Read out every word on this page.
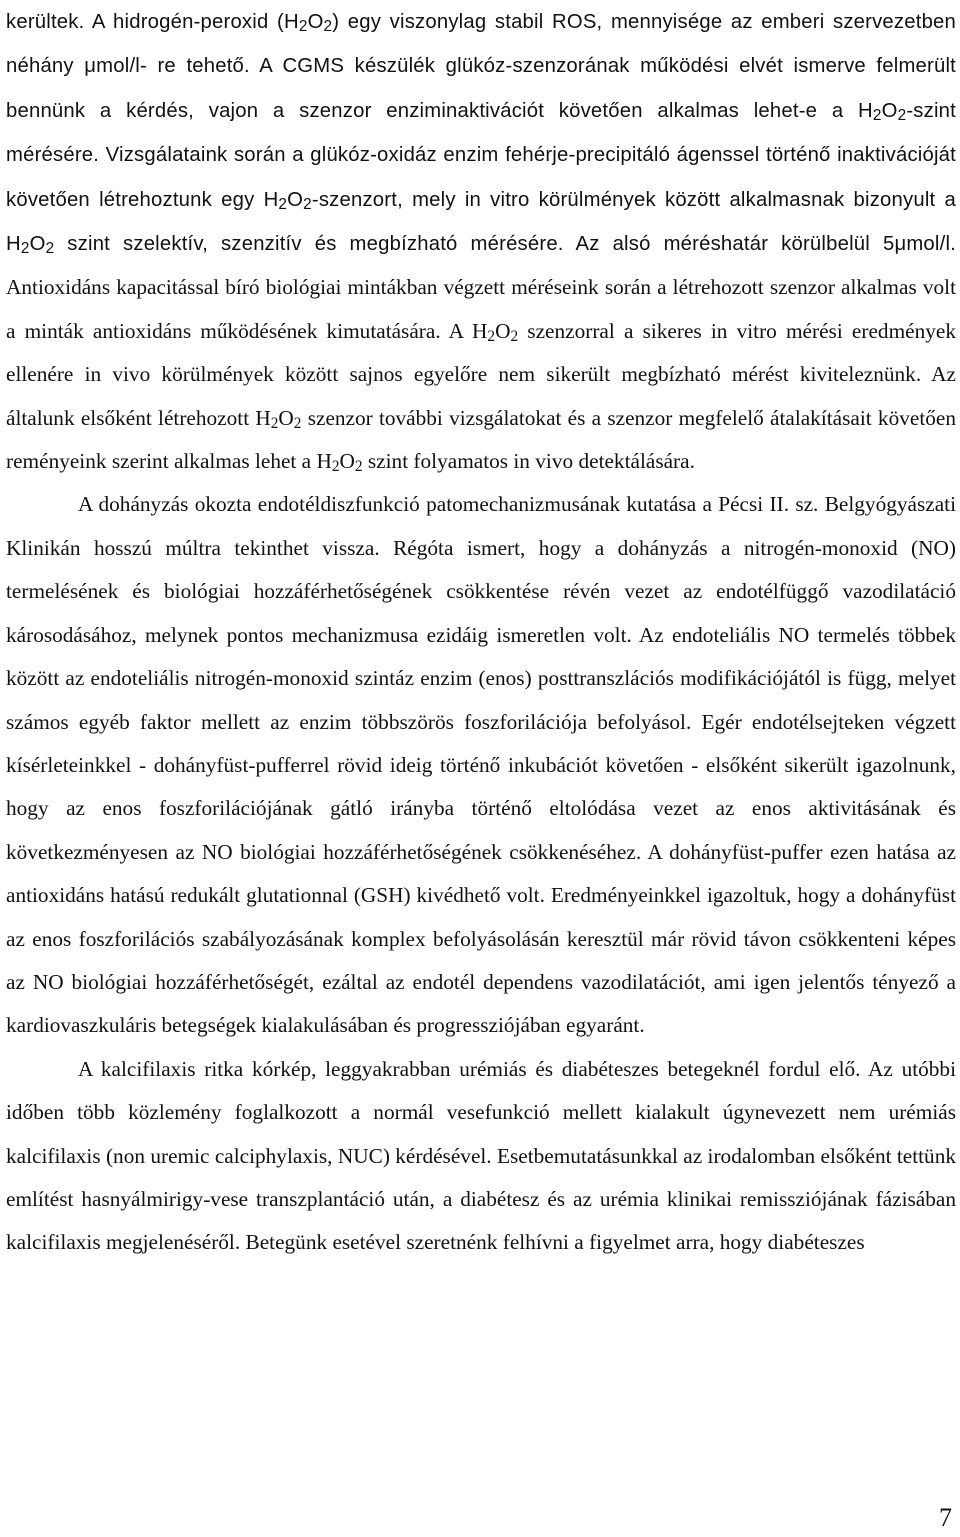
kerültek. A hidrogén-peroxid $(H_2O_2)$ egy viszonylag stabil ROS, mennyisége az emberi szervezetben néhány μmol/l- re tehető. A CGMS készülék glükóz-szenzorának működési elvét ismerve felmerült bennünk a kérdés, vajon a szenzor enziminaktivációt követően alkalmas lehet-e a $H_2O_2$-szint mérésére. Vizsgálataink során a glükóz-oxidáz enzim fehérje-precipitáló ágenssel történő inaktivációját követően létrehoztunk egy $H_2O_2$-szenzort, mely in vitro körülmények között alkalmasnak bizonyult a $H_2O_2$ szint szelektív, szenzitív és megbízható mérésére. Az alsó méréshatár körülbelül 5μmol/l. Antioxidáns kapacitással bíró biológiai mintákban végzett méréseink során a létrehozott szenzor alkalmas volt a minták antioxidáns működésének kimutatására. A $H_2O_2$ szenzorral a sikeres in vitro mérési eredmények ellenére in vivo körülmények között sajnos egyelőre nem sikerült megbízható mérést kiviteleznünk. Az általunk elsőként létrehozott $H_2O_2$ szenzor további vizsgálatokat és a szenzor megfelelő átalakításait követően reményeink szerint alkalmas lehet a $H_2O_2$ szint folyamatos in vivo detektálására.

A dohányzás okozta endotéldiszfunkció patomechanizmusának kutatása a Pécsi II. sz. Belgyógyászati Klinikán hosszú múltra tekinthet vissza. Régóta ismert, hogy a dohányzás a nitrogén-monoxid (NO) termelésének és biológiai hozzáférhetőségének csökkentése révén vezet az endotélfüggő vazodilatáció károsodásához, melynek pontos mechanizmusa ezidáig ismeretlen volt. Az endoteliális NO termelés többek között az endoteliális nitrogén-monoxid szintáz enzim (enos) posttranszlációs modifikációjától is függ, melyet számos egyéb faktor mellett az enzim többszörös foszforilációja befolyásol. Egér endotélsejteken végzett kísérleteinkkel - dohányfüst-pufferrel rövid ideig történő inkubációt követően - elsőként sikerült igazolnunk, hogy az enos foszforilációjának gátló irányba történő eltolódása vezet az enos aktivitásának és következményesen az NO biológiai hozzáférhetőségének csökkenéséhez. A dohányfüst-puffer ezen hatása az antioxidáns hatású redukált glutationnal (GSH) kivédhető volt. Eredményeinkkel igazoltuk, hogy a dohányfüst az enos foszforilációs szabályozásának komplex befolyásolásán keresztül már rövid távon csökkenteni képes az NO biológiai hozzáférhetőségét, ezáltal az endotél dependens vazodilatációt, ami igen jelentős tényező a kardiovaszkuláris betegségek kialakulásában és progressziójában egyaránt.

A kalcifilaxis ritka kórkép, leggyakrabban urémiás és diabéteszes betegeknél fordul elő. Az utóbbi időben több közlemény foglalkozott a normál vesefunkció mellett kialakult úgynevezett nem urémiás kalcifilaxis (non uremic calciphylaxis, NUC) kérdésével. Esetbemutatásunkkal az irodalomban elsőként tettünk említést hasnyálmirigy-vese transzplantáció után, a diabétesz és az urémia klinikai remissziójának fázisában kalcifilaxis megjelenéséről. Betegünk esetével szeretnénk felhívni a figyelmet arra, hogy diabéteszes

7
